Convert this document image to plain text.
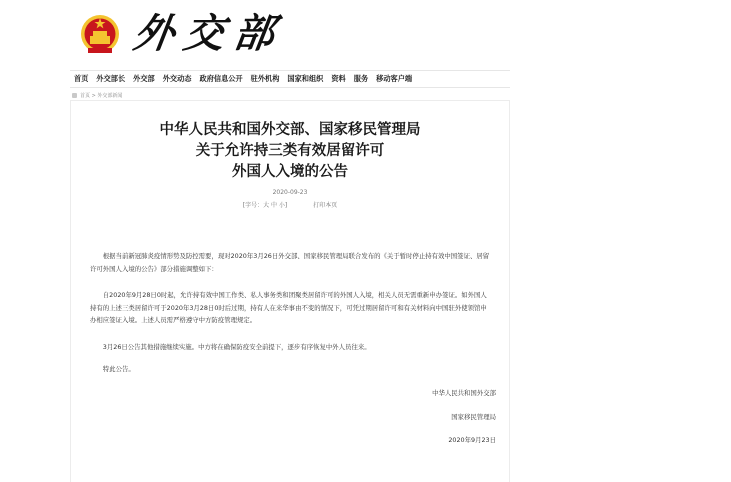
外交部
首页	外交部长	外交部	外交动态	政府信息公开	驻外机构	国家和组织	资料	服务	移动客户端
首页 > 外交部新闻
中华人民共和国外交部、国家移民管理局
关于允许持三类有效居留许可
外国人入境的公告
2020-09-23
[字号：大 中 小]	打印本页
根据当前新冠肺炎疫情形势及防控需要，现对2020年3月26日外交部、国家移民管理局联合发布的《关于暂时停止持有效中国签证、居留许可外国人入境的公告》部分措施调整如下：
自2020年9月28日0时起，允许持有效中国工作类、私人事务类和团聚类居留许可的外国人入境，相关人员无需重新申办签证。如外国人持有的上述三类居留许可于2020年3月28日0时后过期，持有人在来华事由不变的情况下，可凭过期居留许可和有关材料向中国驻外使领馆申办相应签证入境。上述人员需严格遵守中方防疫管理规定。
3月26日公告其他措施继续实施。中方将在确保防疫安全前提下，逐步有序恢复中外人员往来。
特此公告。
中华人民共和国外交部
国家移民管理局
2020年9月23日
